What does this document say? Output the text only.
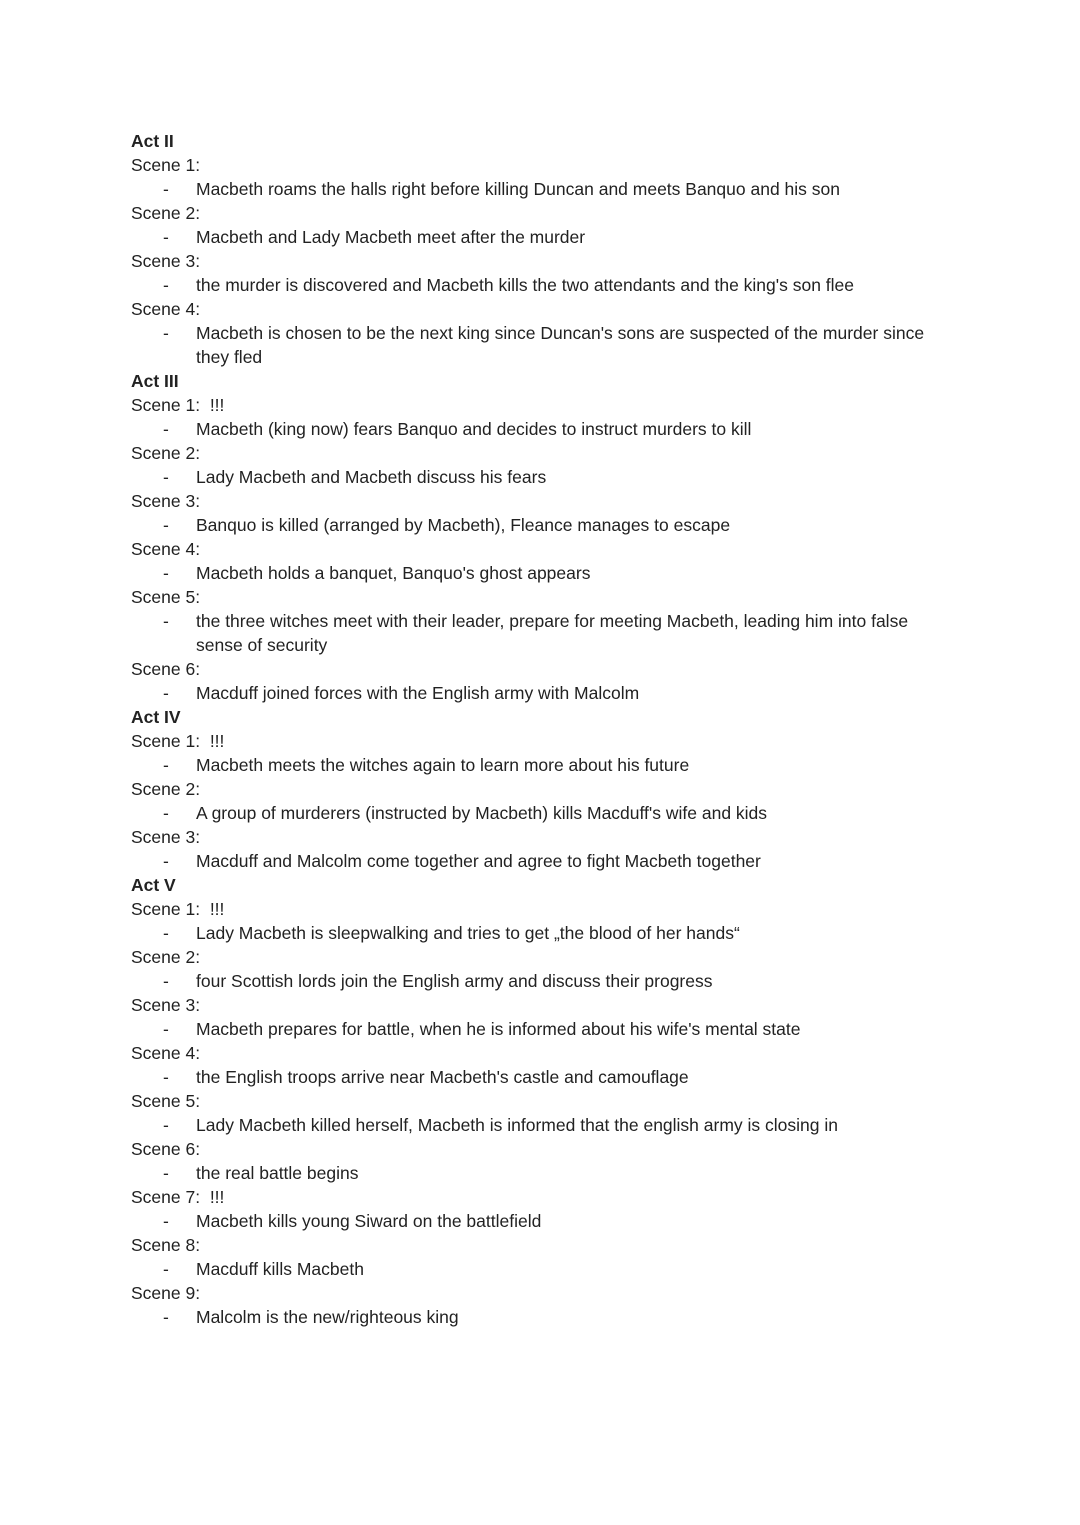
Act II
Scene 1:
-	Macbeth roams the halls right before killing Duncan and meets Banquo and his son
Scene 2:
-	Macbeth and Lady Macbeth meet after the murder
Scene 3:
-	the murder is discovered and Macbeth kills the two attendants and the king's son flee
Scene 4:
-	Macbeth is chosen to be the next king since Duncan's sons are suspected of the murder since they fled
Act III
Scene 1: !!!
-	Macbeth (king now) fears Banquo and decides to instruct murders to kill
Scene 2:
-	Lady Macbeth and Macbeth discuss his fears
Scene 3:
-	Banquo is killed (arranged by Macbeth), Fleance manages to escape
Scene 4:
-	Macbeth holds a banquet, Banquo's ghost appears
Scene 5:
-	the three witches meet with their leader, prepare for meeting Macbeth, leading him into false sense of security
Scene 6:
-	Macduff joined forces with the English army with Malcolm
Act IV
Scene 1: !!!
-	Macbeth meets the witches again to learn more about his future
Scene 2:
-	A group of murderers (instructed by Macbeth) kills Macduff's wife and kids
Scene 3:
-	Macduff and Malcolm come together and agree to fight Macbeth together
Act V
Scene 1: !!!
-	Lady Macbeth is sleepwalking and tries to get „the blood of her hands“
Scene 2:
-	four Scottish lords join the English army and discuss their progress
Scene 3:
-	Macbeth prepares for battle, when he is informed about his wife's mental state
Scene 4:
-	the English troops arrive near Macbeth's castle and camouflage
Scene 5:
-	Lady Macbeth killed herself, Macbeth is informed that the english army is closing in
Scene 6:
-	the real battle begins
Scene 7: !!!
-	Macbeth kills young Siward on the battlefield
Scene 8:
-	Macduff kills Macbeth
Scene 9:
-	Malcolm is the new/righteous king
